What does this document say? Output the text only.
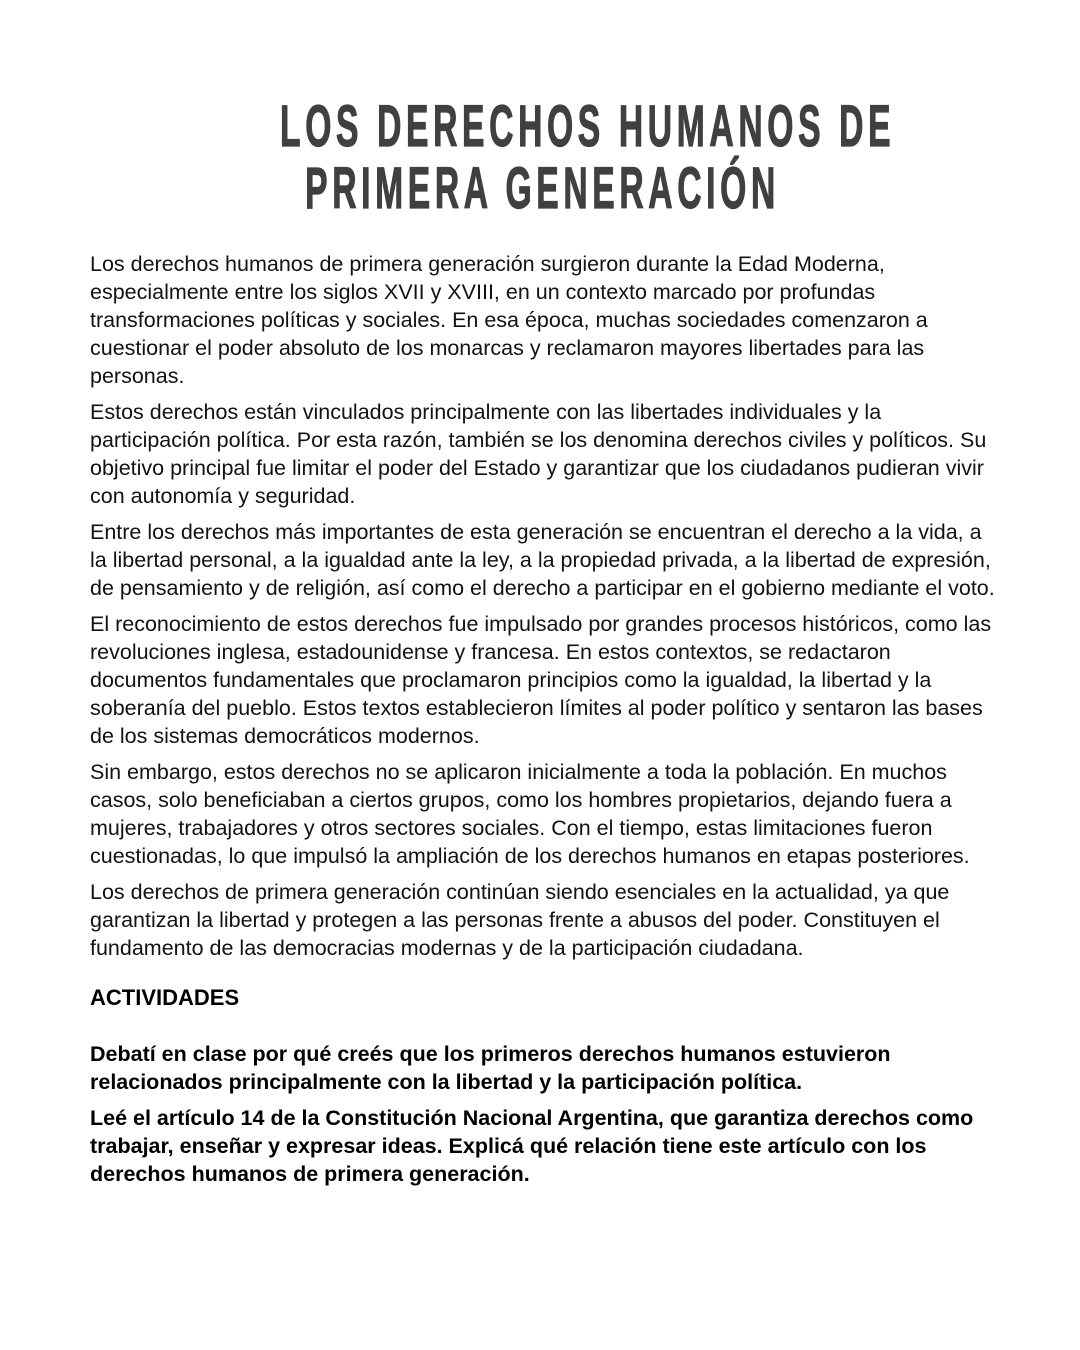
LOS DERECHOS HUMANOS DE
PRIMERA GENERACIÓN

Los derechos humanos de primera generación surgieron durante la Edad Moderna, especialmente entre los siglos XVII y XVIII, en un contexto marcado por profundas transformaciones políticas y sociales. En esa época, muchas sociedades comenzaron a cuestionar el poder absoluto de los monarcas y reclamaron mayores libertades para las personas.

Estos derechos están vinculados principalmente con las libertades individuales y la participación política. Por esta razón, también se los denomina derechos civiles y políticos. Su objetivo principal fue limitar el poder del Estado y garantizar que los ciudadanos pudieran vivir con autonomía y seguridad.

Entre los derechos más importantes de esta generación se encuentran el derecho a la vida, a la libertad personal, a la igualdad ante la ley, a la propiedad privada, a la libertad de expresión, de pensamiento y de religión, así como el derecho a participar en el gobierno mediante el voto.

El reconocimiento de estos derechos fue impulsado por grandes procesos históricos, como las revoluciones inglesa, estadounidense y francesa. En estos contextos, se redactaron documentos fundamentales que proclamaron principios como la igualdad, la libertad y la soberanía del pueblo. Estos textos establecieron límites al poder político y sentaron las bases de los sistemas democráticos modernos.

Sin embargo, estos derechos no se aplicaron inicialmente a toda la población. En muchos casos, solo beneficiaban a ciertos grupos, como los hombres propietarios, dejando fuera a mujeres, trabajadores y otros sectores sociales. Con el tiempo, estas limitaciones fueron cuestionadas, lo que impulsó la ampliación de los derechos humanos en etapas posteriores.

Los derechos de primera generación continúan siendo esenciales en la actualidad, ya que garantizan la libertad y protegen a las personas frente a abusos del poder. Constituyen el fundamento de las democracias modernas y de la participación ciudadana.

ACTIVIDADES

Debatí en clase por qué creés que los primeros derechos humanos estuvieron relacionados principalmente con la libertad y la participación política.

Leé el artículo 14 de la Constitución Nacional Argentina, que garantiza derechos como trabajar, enseñar y expresar ideas. Explicá qué relación tiene este artículo con los derechos humanos de primera generación.
